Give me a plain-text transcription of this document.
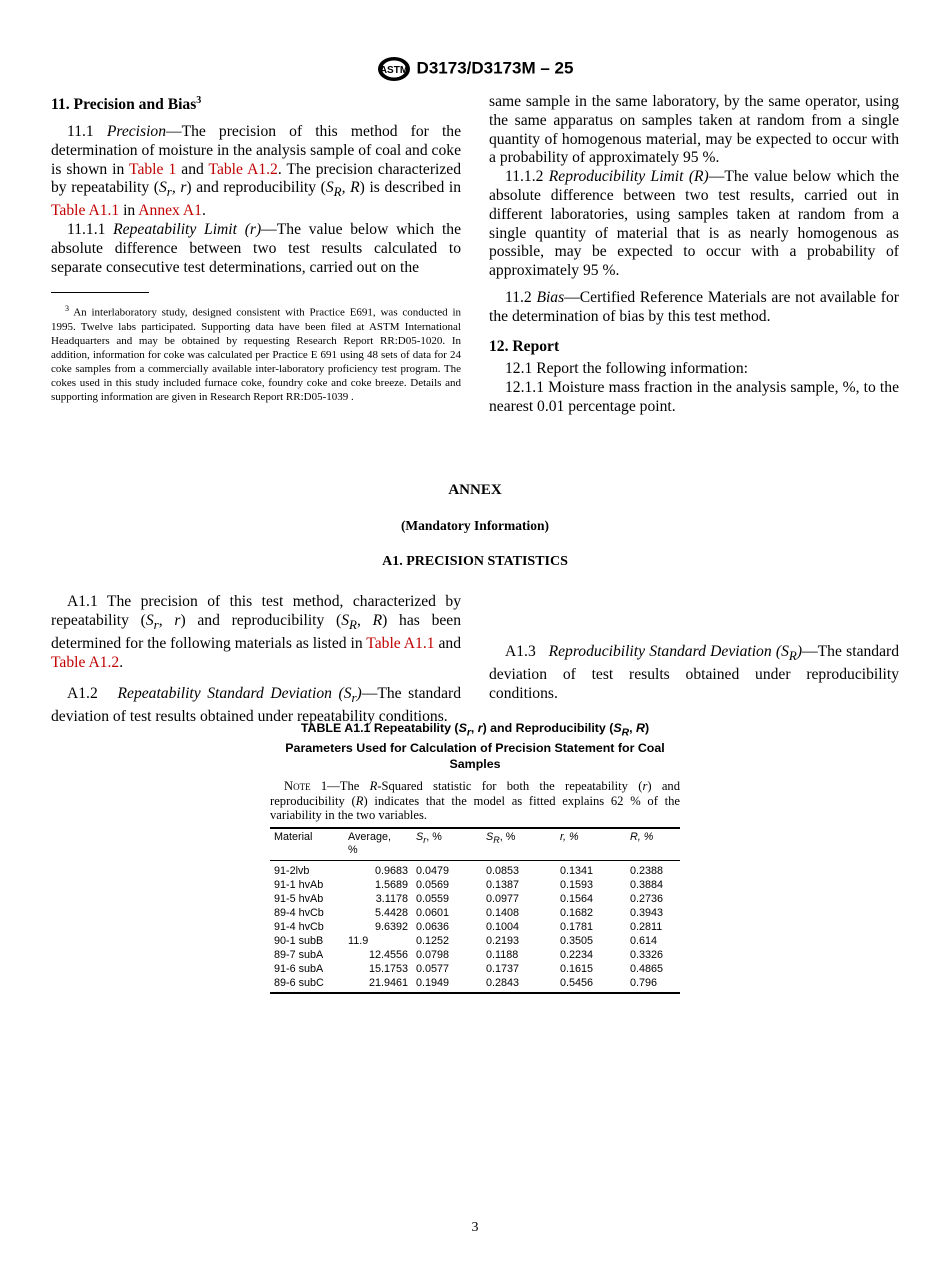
ASTM D3173/D3173M – 25

11. Precision and Bias$^3$

11.1 Precision—The precision of this method for the determination of moisture in the analysis sample of coal and coke is shown in Table 1 and Table A1.2. The precision characterized by repeatability ($S_r$, r) and reproducibility ($S_R$, R) is described in Table A1.1 in Annex A1.

11.1.1 Repeatability Limit (r)—The value below which the absolute difference between two test results calculated to separate consecutive test determinations, carried out on the

$^3$ An interlaboratory study, designed consistent with Practice E691, was conducted in 1995. Twelve labs participated. Supporting data have been filed at ASTM International Headquarters and may be obtained by requesting Research Report RR:D05-1020. In addition, information for coke was calculated per Practice E 691 using 48 sets of data for 24 coke samples from a commercially available inter-laboratory proficiency test program. The cokes used in this study included furnace coke, foundry coke and coke breeze. Details and supporting information are given in Research Report RR:D05-1039 .

same sample in the same laboratory, by the same operator, using the same apparatus on samples taken at random from a single quantity of homogenous material, may be expected to occur with a probability of approximately 95 %.

11.1.2 Reproducibility Limit (R)—The value below which the absolute difference between two test results, carried out in different laboratories, using samples taken at random from a single quantity of material that is as nearly homogenous as possible, may be expected to occur with a probability of approximately 95 %.

11.2 Bias—Certified Reference Materials are not available for the determination of bias by this test method.

12. Report

12.1 Report the following information:

12.1.1 Moisture mass fraction in the analysis sample, %, to the nearest 0.01 percentage point.

ANNEX
(Mandatory Information)
A1. PRECISION STATISTICS

A1.1 The precision of this test method, characterized by repeatability ($S_r$, r) and reproducibility ($S_R$, R) has been determined for the following materials as listed in Table A1.1 and Table A1.2.

A1.2 Repeatability Standard Deviation $(S_r)—The$ standard deviation of test results obtained under repeatability conditions.

A1.3 Reproducibility Standard Deviation $(S_R)—The$ standard deviation of test results obtained under reproducibility conditions.

TABLE A1.1 Repeatability ($S_r$, r) and Reproducibility ($S_R$, R) Parameters Used for Calculation of Precision Statement for Coal Samples
Note 1—The R-Squared statistic for both the repeatability (r) and reproducibility (R) indicates that the model as fitted explains 62 % of the variability in the two variables.
Material	Average, %	$S_r$, %	$S_R$, %	r, %	R, %
91-2lvb	0.9683	0.0479	0.0853	0.1341	0.2388
91-1 hvAb	1.5689	0.0569	0.1387	0.1593	0.3884
91-5 hvAb	3.1178	0.0559	0.0977	0.1564	0.2736
89-4 hvCb	5.4428	0.0601	0.1408	0.1682	0.3943
91-4 hvCb	9.6392	0.0636	0.1004	0.1781	0.2811
90-1 subB	11.9	0.1252	0.2193	0.3505	0.614
89-7 subA	12.4556	0.0798	0.1188	0.2234	0.3326
91-6 subA	15.1753	0.0577	0.1737	0.1615	0.4865
89-6 subC	21.9461	0.1949	0.2843	0.5456	0.796
3
